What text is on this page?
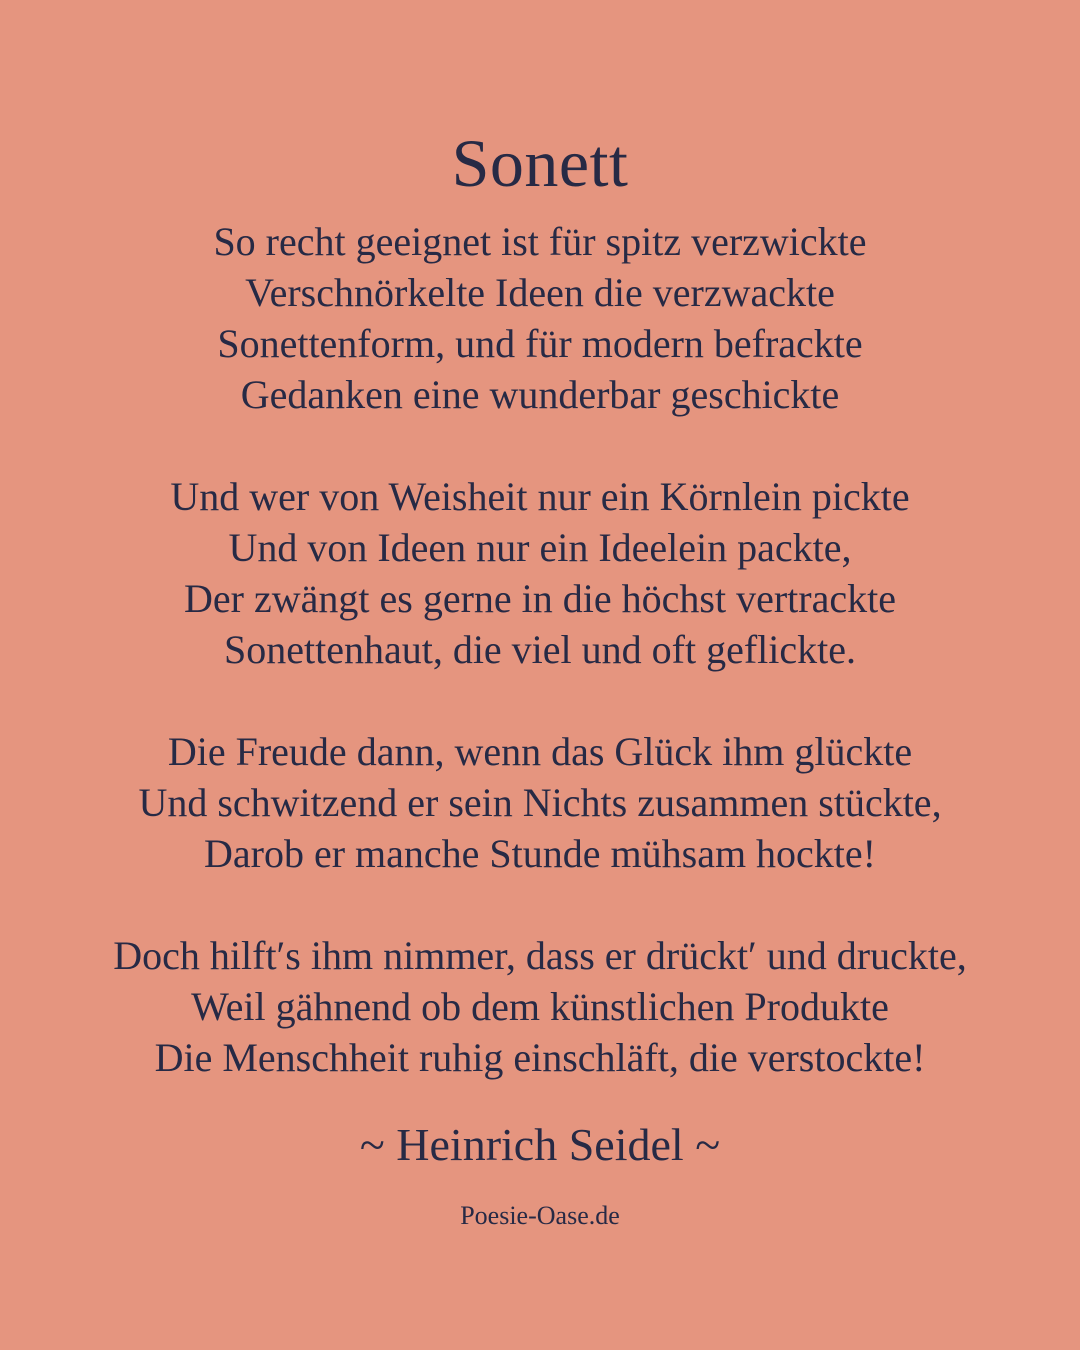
Sonett
So recht geeignet ist für spitz verzwickte
Verschnörkelte Ideen die verzwackte
Sonettenform, und für modern befrackte
Gedanken eine wunderbar geschickte
Und wer von Weisheit nur ein Körnlein pickte
Und von Ideen nur ein Ideelein packte,
Der zwängt es gerne in die höchst vertrackte
Sonettenhaut, die viel und oft geflickte.
Die Freude dann, wenn das Glück ihm glückte
Und schwitzend er sein Nichts zusammen stückte,
Darob er manche Stunde mühsam hockte!
Doch hilft′s ihm nimmer, dass er drückt′ und druckte,
Weil gähnend ob dem künstlichen Produkte
Die Menschheit ruhig einschläft, die verstockte!
~ Heinrich Seidel ~
Poesie-Oase.de
